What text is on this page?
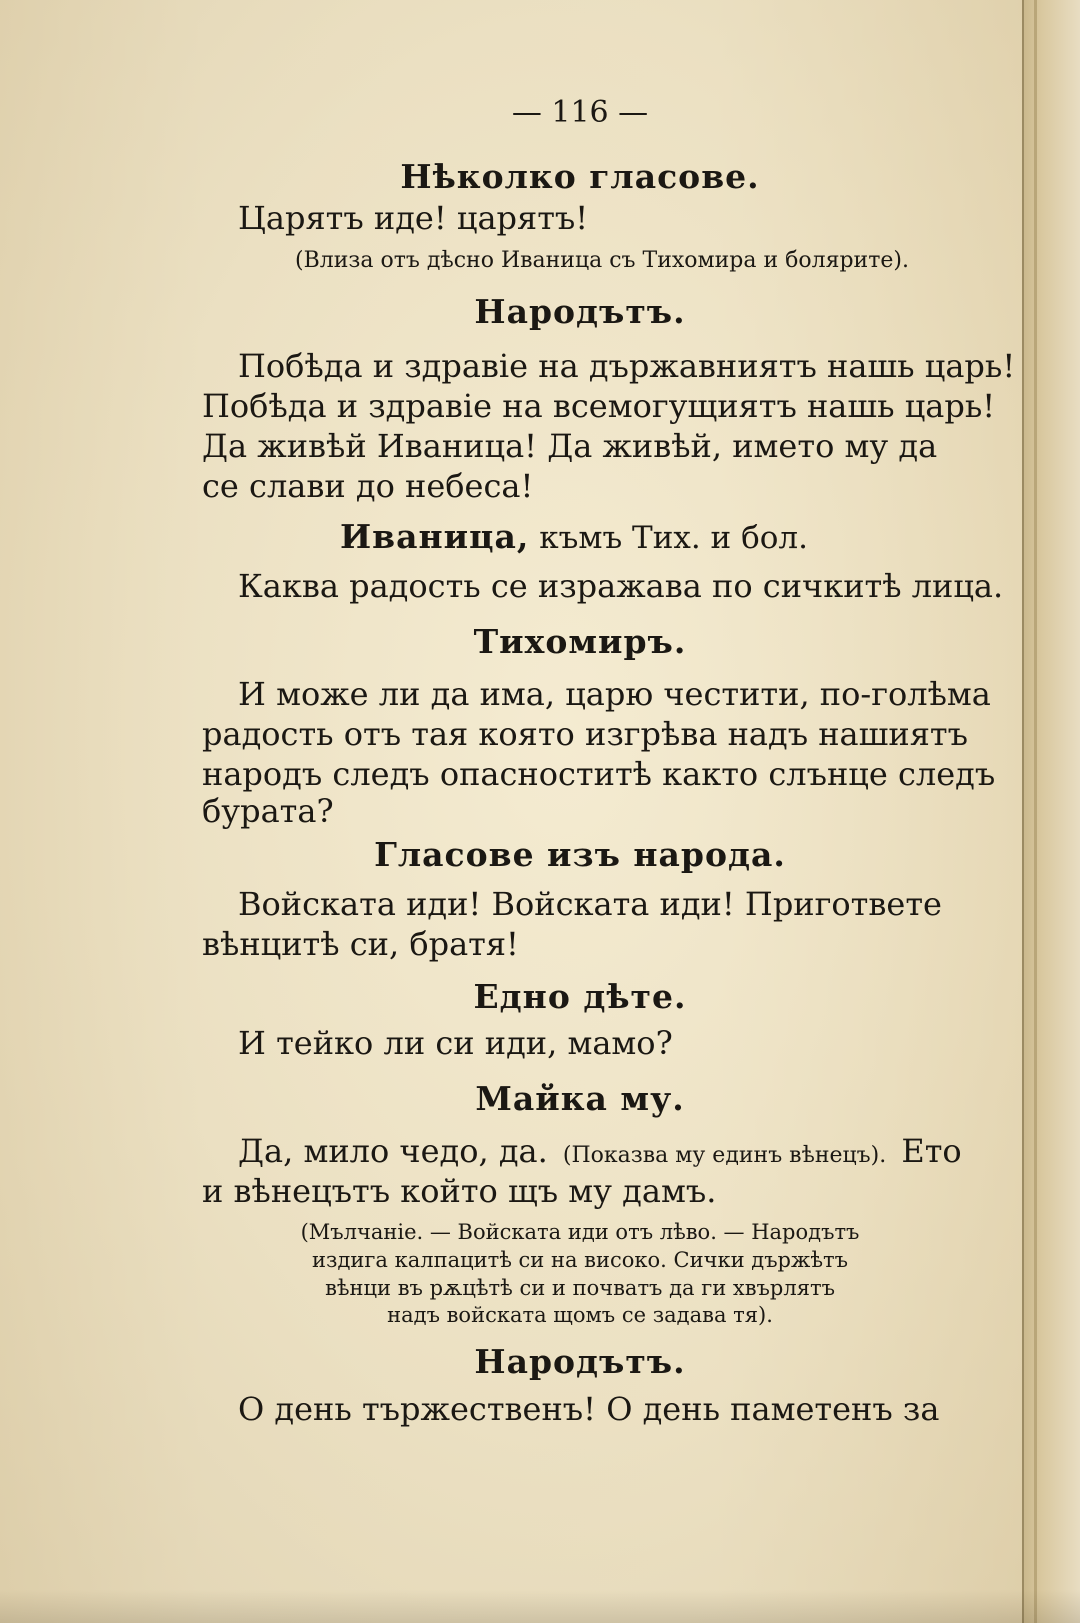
— 116 —
Нѣколко гласове.
Царятъ иде! царятъ!
(Влиза отъ дѣсно Иваница съ Тихомира и болярите).
Народътъ.
Побѣда и здравіе на държавниятъ нашь царь!
Побѣда и здравіе на всемогущиятъ нашь царь!
Да живѣй Иваница! Да живѣй, името му да
се слави до небеса!
Иваница, къмъ Тих. и бол.
Каква радость се изражава по сичкитѣ лица.
Тихомиръ.
И може ли да има, царю честити, по-голѣма
радость отъ тая която изгрѣва надъ нашиятъ
народъ следъ опасноститѣ както слънце следъ
бурата?
Гласове изъ народа.
Войската иди! Войската иди! Пригответе
вѣнцитѣ си, братя!
Едно дѣте.
И тейко ли си иди, мамо?
Майка му.
Да, мило чедо, да. (Показва му единъ вѣнецъ). Ето
и вѣнецътъ който щъ му дамъ.
(Мълчаніе. — Войската иди отъ лѣво. — Народътъ
издига калпацитѣ си на високо. Сички държѣтъ
вѣнци въ рѫцѣтѣ си и почватъ да ги хвърлятъ
надъ войската щомъ се задава тя).
Народътъ.
О день тържественъ! О день паметенъ за
